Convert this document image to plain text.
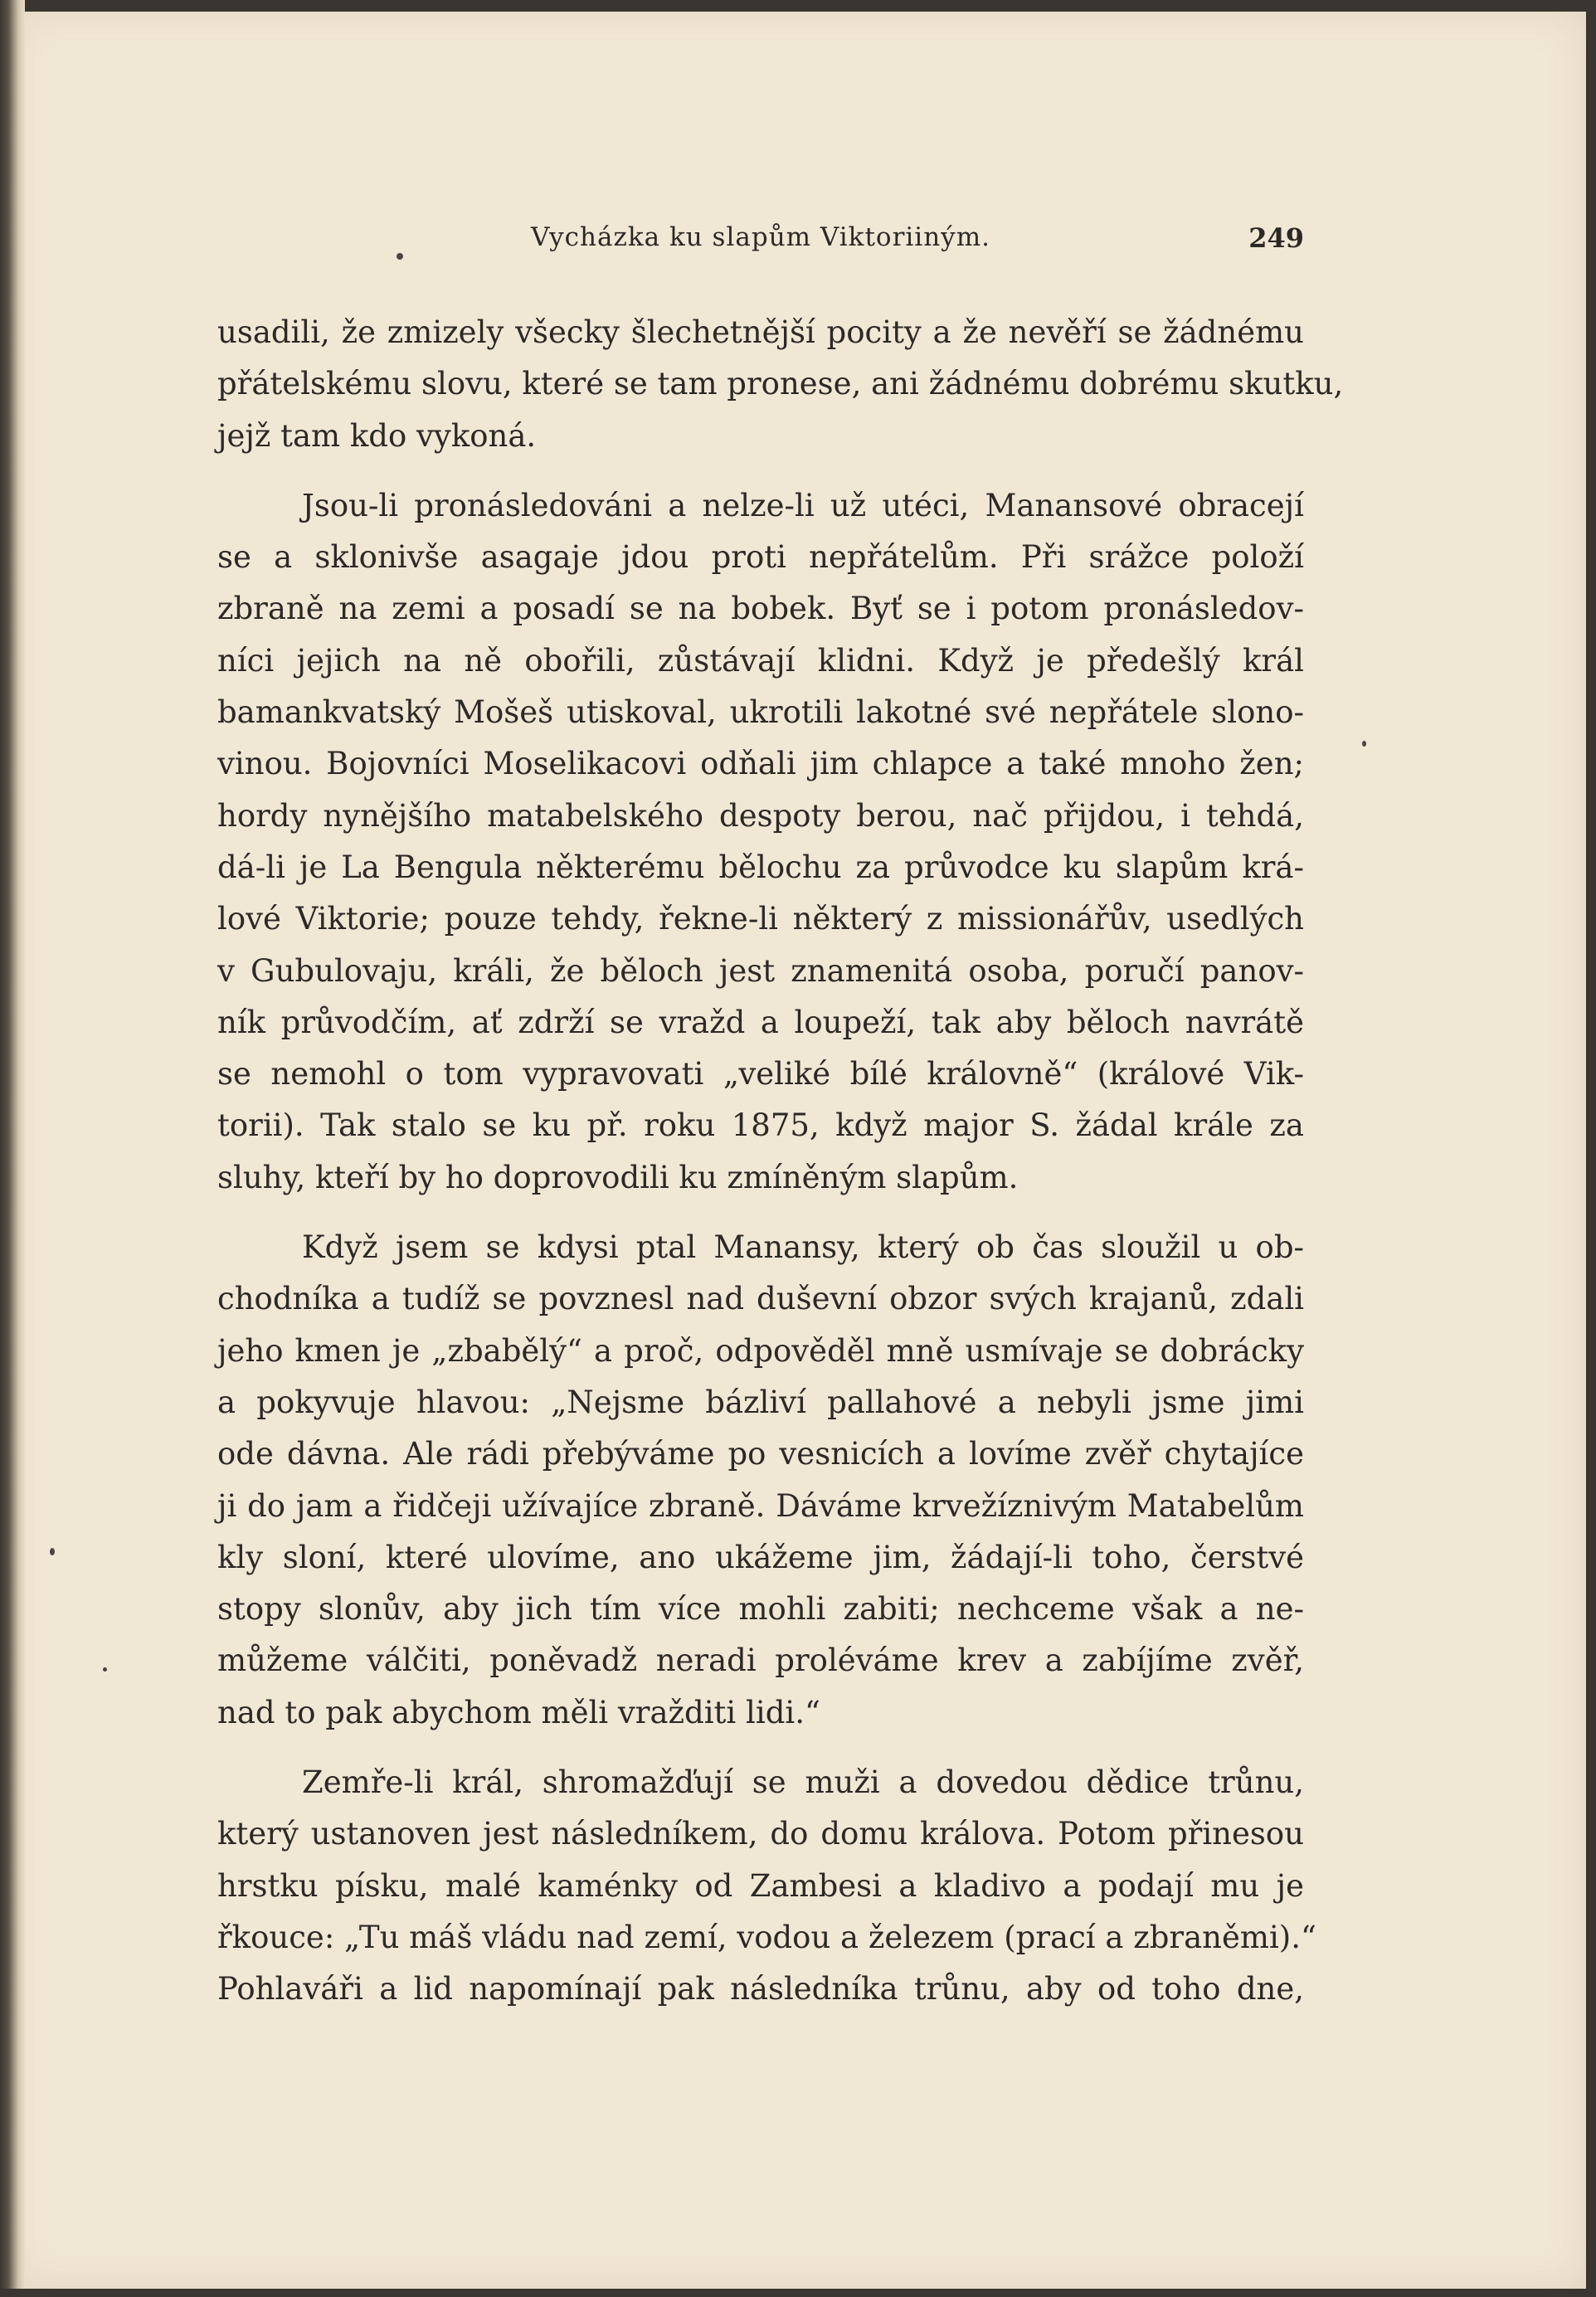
Vycházka ku slapům Viktoriiným.	249

usadili, že zmizely všecky šlechetnější pocity a že nevěří se žádnému
přátelskému slovu, které se tam pronese, ani žádnému dobrému skutku,
jejž tam kdo vykoná.

Jsou-li pronásledováni a nelze-li už utéci, Manansové obracejí
se a sklonivše asagaje jdou proti nepřátelům. Při srážce položí
zbraně na zemi a posadí se na bobek. Byť se i potom pronásledov-
níci jejich na ně obořili, zůstávají klidni. Když je předešlý král
bamankvatský Mošeš utiskoval, ukrotili lakotné své nepřátele slono-
vinou. Bojovníci Moselikacovi odňali jim chlapce a také mnoho žen;
hordy nynějšího matabelského despoty berou, nač přijdou, i tehdá,
dá-li je La Bengula některému bělochu za průvodce ku slapům krá-
lové Viktorie; pouze tehdy, řekne-li některý z missionářův, usedlých
v Gubulovaju, králi, že běloch jest znamenitá osoba, poručí panov-
ník průvodčím, ať zdrží se vražd a loupeží, tak aby běloch navrátě
se nemohl o tom vypravovati „veliké bílé královně“ (králové Vik-
torii). Tak stalo se ku př. roku 1875, když major S. žádal krále za
sluhy, kteří by ho doprovodili ku zmíněným slapům.

Když jsem se kdysi ptal Manansy, který ob čas sloužil u ob-
chodníka a tudíž se povznesl nad duševní obzor svých krajanů, zdali
jeho kmen je „zbabělý“ a proč, odpověděl mně usmívaje se dobrácky
a pokyvuje hlavou: „Nejsme bázliví pallahové a nebyli jsme jimi
ode dávna. Ale rádi přebýváme po vesnicích a lovíme zvěř chytajíce
ji do jam a řidčeji užívajíce zbraně. Dáváme krvežíznivým Matabelům
kly sloní, které ulovíme, ano ukážeme jim, žádají-li toho, čerstvé
stopy slonův, aby jich tím více mohli zabiti; nechceme však a ne-
můžeme válčiti, poněvadž neradi proléváme krev a zabíjíme zvěř,
nad to pak abychom měli vražditi lidi.“

Zemře-li král, shromažďují se muži a dovedou dědice trůnu,
který ustanoven jest následníkem, do domu králova. Potom přinesou
hrstku písku, malé kaménky od Zambesi a kladivo a podají mu je
řkouce: „Tu máš vládu nad zemí, vodou a železem (prací a zbraněmi).“
Pohlaváři a lid napomínají pak následníka trůnu, aby od toho dne,
